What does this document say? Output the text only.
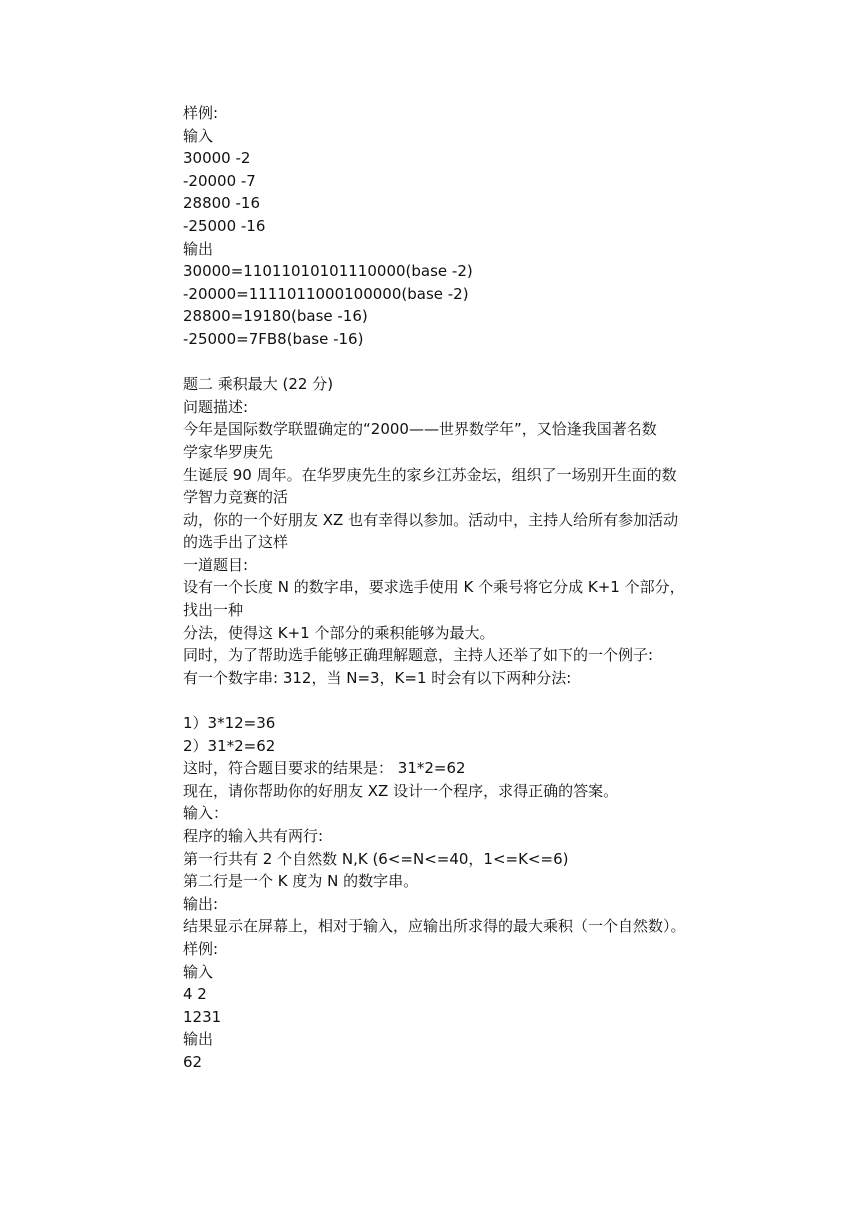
样例:
输入
30000 -2
-20000 -7
28800 -16
-25000 -16
输出
30000=11011010101110000(base -2)
-20000=1111011000100000(base -2)
28800=19180(base -16)
-25000=7FB8(base -16)
题二 乘积最大 (22 分)
问题描述:
今年是国际数学联盟确定的“2000——世界数学年”，又恰逢我国著名数
学家华罗庚先
生诞辰 90 周年。在华罗庚先生的家乡江苏金坛，组织了一场别开生面的数
学智力竞赛的活
动，你的一个好朋友 XZ 也有幸得以参加。活动中，主持人给所有参加活动
的选手出了这样
一道题目:
设有一个长度 N 的数字串，要求选手使用 K 个乘号将它分成 K+1 个部分，
找出一种
分法，使得这 K+1 个部分的乘积能够为最大。
同时，为了帮助选手能够正确理解题意，主持人还举了如下的一个例子:
有一个数字串: 312，当 N=3，K=1 时会有以下两种分法:
1）3*12=36
2）31*2=62
这时，符合题目要求的结果是： 31*2=62
现在，请你帮助你的好朋友 XZ 设计一个程序，求得正确的答案。
输入：
程序的输入共有两行:
第一行共有 2 个自然数 N,K (6<=N<=40，1<=K<=6)
第二行是一个 K 度为 N 的数字串。
输出:
结果显示在屏幕上，相对于输入，应输出所求得的最大乘积（一个自然数）。
样例:
输入
4 2
1231
输出
62
